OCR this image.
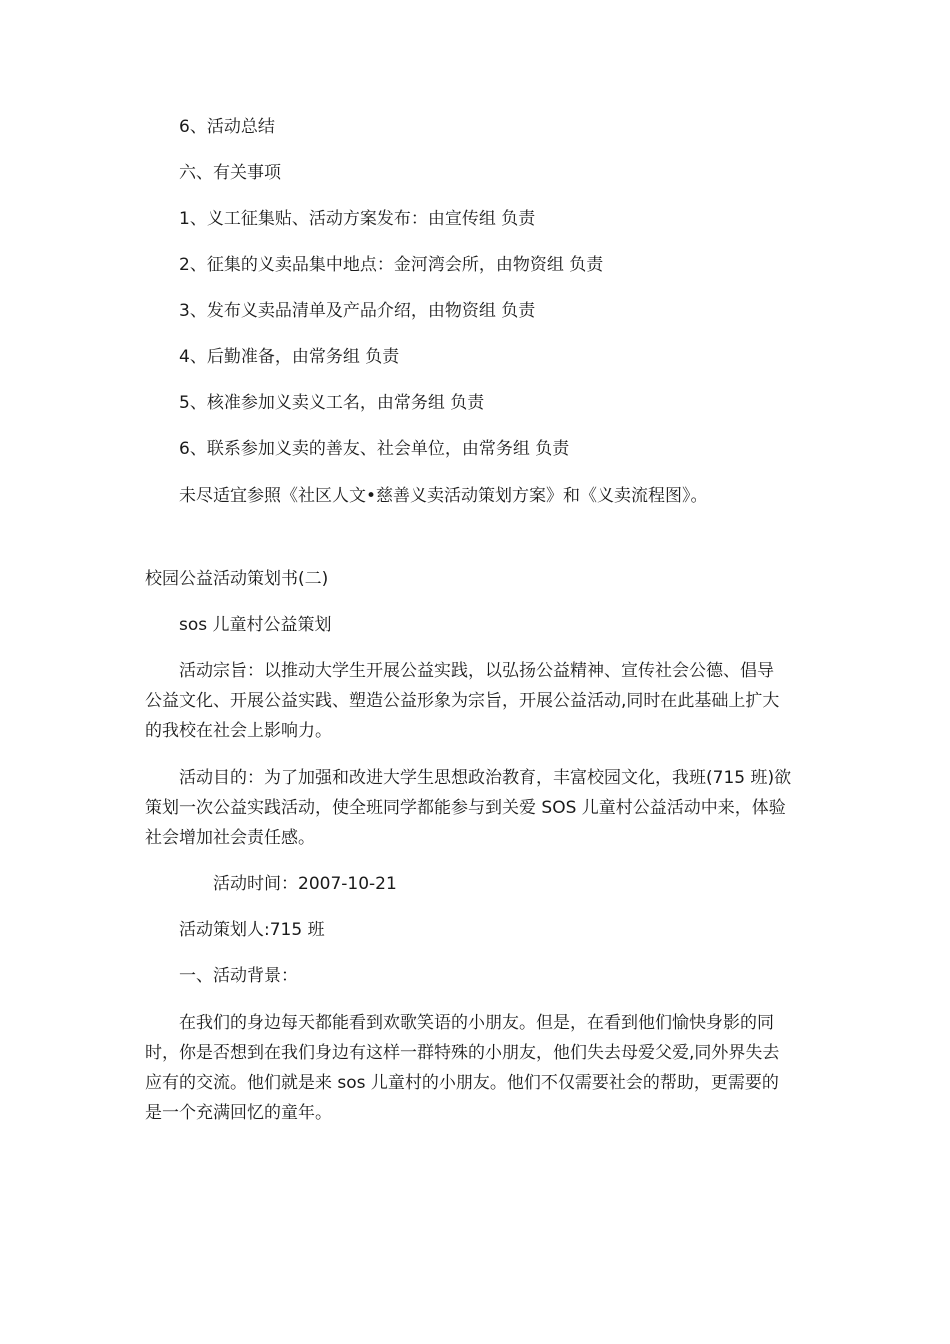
6、活动总结
六、有关事项
1、义工征集贴、活动方案发布：由宣传组 负责
2、征集的义卖品集中地点：金河湾会所，由物资组 负责
3、发布义卖品清单及产品介绍，由物资组 负责
4、后勤准备，由常务组 负责
5、核准参加义卖义工名，由常务组 负责
6、联系参加义卖的善友、社会单位，由常务组 负责
未尽适宜参照《社区人文•慈善义卖活动策划方案》和《义卖流程图》。
校园公益活动策划书(二)
sos 儿童村公益策划
活动宗旨：以推动大学生开展公益实践，以弘扬公益精神、宣传社会公德、倡导
公益文化、开展公益实践、塑造公益形象为宗旨，开展公益活动,同时在此基础上扩大
的我校在社会上影响力。
活动目的：为了加强和改进大学生思想政治教育，丰富校园文化，我班(715 班)欲
策划一次公益实践活动，使全班同学都能参与到关爱 SOS 儿童村公益活动中来，体验
社会增加社会责任感。
活动时间：2007-10-21
活动策划人:715 班
一、活动背景：
在我们的身边每天都能看到欢歌笑语的小朋友。但是，在看到他们愉快身影的同
时，你是否想到在我们身边有这样一群特殊的小朋友，他们失去母爱父爱,同外界失去
应有的交流。他们就是来 sos 儿童村的小朋友。他们不仅需要社会的帮助，更需要的
是一个充满回忆的童年。
